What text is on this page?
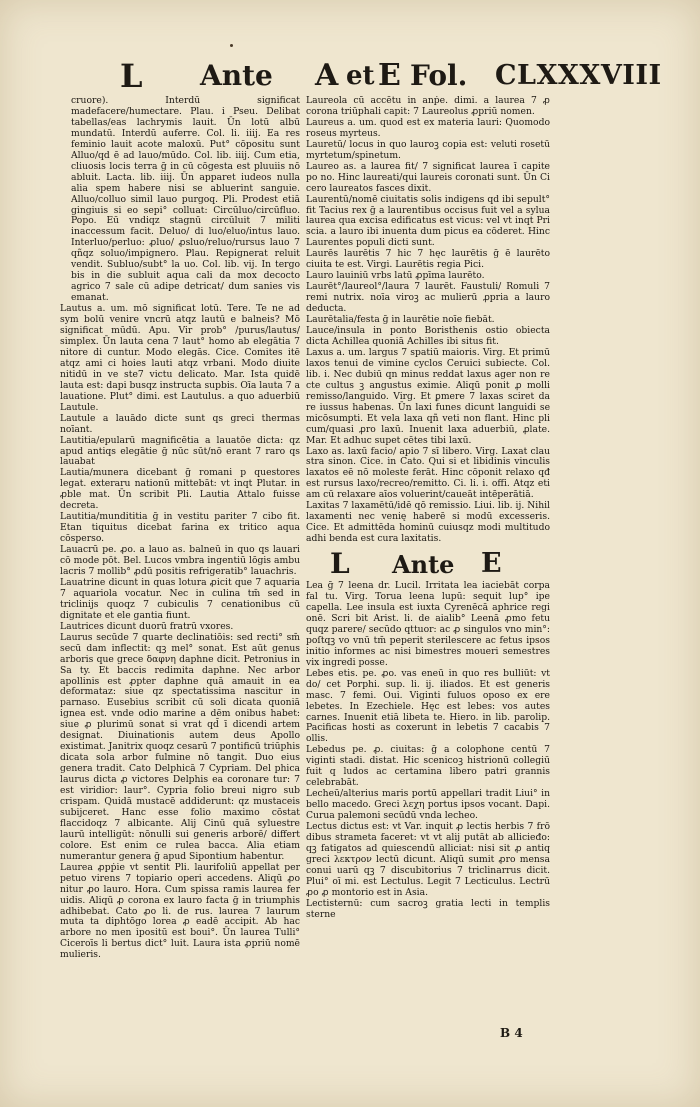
L Ante A et E Fol. CLXXXVIII

cruore). Interdū significat madefacere/humectare. Plau. i Pseu. Delibat tabellas/eas lachrymis lauit. Ūn lotū albū mundatū. Interdū auferre. Col. li. iiij. Ea res feminio lauit acote maloxū. Put° cōpositu sunt Alluo/qd ē ad lauo/mūdo. Col. lib. iiij. Cum etia, cliuosis locis terra ḡ in cū cōgesta est pluuiis nō abluit. Lacta. lib. iiij. Ūn apparet iudeos nulla alia spem habere nisi se abluerint sanguie. Alluo/colluo simil lauo purgoq. Pli. Prodest etiā gingiuis si eo sepi° colluat: Circūluo/circūfluo. Popo. Eū vndiqz stagnū circūluit 7 militi inaccessum facit. Deluo/ di luo/eluo/intus lauo. Interluo/perluo: ꝓluo/ ꝓsluo/reluo/rursus lauo 7 qñqz soluo/impignero. Plau. Repignerat reluit vendit. Subluo/subt° la uo. Col. lib. vij. In tergo bis in die subluit aqua cali da mox decocto agrico 7 sale cū adipe detricat/ dum sanies vis emanat.

Lautus a. um. mō significat lotū. Tere. Te ne ad sym bolū venire vncrū atqz lautū e balneis? Mō significat mūdū. Apu. Vir prob° /purus/lautus/ simplex. Ūn lauta cena 7 laut° homo ab elegātia 7 nitore di cuntur. Modo elegās. Cice. Comites itē atqz ami ci hoies lauti atqz vrbani. Modo diuite nitidū in ve ste7 victu delicato. Mar. Ista quidē lauta est: dapi busqz instructa supbis. Oīa lauta 7 a lauatione. Plut° dimi. est Lautulus. a quo aduerbiū Lautule.

Lautule a lauādo dicte sunt qs greci thermas noīant.

Lautitia/epularū magnificētia a lauatōe dicta: qz apud antiqs elegātie ḡ nūc sūt/nō erant 7 raro qs lauabat

Lautia/munera dicebant ḡ romani p questores legat. exteraru nationū mittebāt: vt inqt Plutar. in ꝓble mat. Ūn scribit Pli. Lautia Attalo fuisse decreta.

Lautitia/mundititia ḡ in vestitu pariter 7 cibo fit. Etan tiquitus dicebat farina ex tritico aqua cōsperso.

Lauacrū pe. ꝓo. a lauo as. balneū in quo qs lauari cō mode pōt. Bel. Lucos vmbra ingentiū lōgis ambu lacris 7 mollib° ꝓdū positis refrigeratib° lauachris.

Lauatrine dicunt in quas lotura ꝓicit que 7 aquaria 7 aquariola vocatur. Nec in culina tm̄ sed in triclinijs quoqz 7 cubiculis 7 cenationibus cū dignitate et ele gantia fiunt.

Lautrices dicunt duorū fratrū vxores.

Laurus secūde 7 quarte declinatiōis: sed recti° sm̄ secū dam inflectit: qꝫ mel° sonat. Est aūt genus arboris que grece δαφνη daphne dicit. Petronius in Sa ty. Et baccis redimita daphne. Nec arbor apollinis est ꝓpter daphne quā amauit in ea deformataz: siue qz spectatissima nascitur in parnaso. Eusebius scribit cū soli dicata quoniā ignea est. vnde odio marine a dēm onibus habet: siue ꝓ plurimū sonat si vrat qd̄ ī dicendi artem designat. Diuinationis autem deus Apollo existimat. Janitrix quoqz cesarū 7 pontificū triūphis dicata sola arbor fulmine nō tangit. Duo eius genera tradit. Cato Delphicā 7 Cypriam. Del phica laurus dicta ꝓ victores Delphis ea coronare tur: 7 est viridior: laur°. Cypria folio breui nigro sub crispam. Quidā mustacē addiderunt: qz mustaceis subijceret. Hanc esse folio maximo cōstat flaccidoqz 7 albicante. Alij Cinū quā syluestre laurū intelligūt: nōnulli sui generis arborē/ differt colore. Est enim ce rulea bacca. Alia etiam numerantur genera ḡ apud Sipontium habentur.

Laurea ꝓpṗie vt sentit Pli. laurifoliū appellat per petuo virens 7 topiario operi accedens. Aliqū ꝓo nitur ꝓo lauro. Hora. Cum spissa ramis laurea fer uidis. Aliqū ꝓ corona ex lauro facta ḡ in triumphis adhibebat. Cato ꝓo li. de rus. laurea 7 laurum muta ta diphtōgo lorea ꝓ eadē accipit. Ab hac arbore no men ipositū est boui°. Ūn laurea Tulli° Ciceroīs li bertus dict° luit. Laura ista ꝓpriū nomē mulieris.

Laureola cū accētu in anṗe. dimi. a laurea 7 ꝓ corona triūphali capit: 7 Laureolus ꝓpriū nomen.

Laureus a. um. quod est ex materia lauri: Quomodo roseus myrteus.

Lauretū/ locus in quo lauroꝫ copia est: veluti rosetū myrtetum/spinetum.

Laureo as. a laurea fit/ 7 significat laurea ī capite po no. Hinc laureati/qui laureis coronati sunt. Ūn Ci cero laureatos fasces dixit.

Laurentū/nomē ciuitatis solis indigens qd ibi sepult° fit Tacius rex ḡ a laurentibus occisus fuit vel a sylua laurea qua excisa edificatus est vicus: vel vt inqt Pri scia. a lauro ibi inuenta dum picus ea cōderet. Hinc Laurentes populi dicti sunt.

Laurēs laurētis 7 hic 7 hęc laurētis ḡ ē laurēto ciuita te est. Virgi. Laurētis regia Pici.

Lauro lauiniū vrbs latū ꝓpīma laurēto.

Laurēt°/laureol°/laura 7 laurēt. Faustuli/ Romuli 7 remi nutrix. noīa viroꝫ ac mulierū ꝓpria a lauro deducta.

Laurētalia/festa ḡ in laurētie noīe fiebāt.

Lauce/insula in ponto Boristhenis ostio obiecta dicta Achillea quoniā Achilles ibi situs fit.

Laxus a. um. largus 7 spatiū maioris. Virg. Et primū laxos tenui de vimine cyclos Ceruici subiecte. Col. lib. i. Nec dubiū qn minus reddat laxus ager non re cte cultus ꝫ angustus eximie. Aliqū ponit ꝓ molli remisso/languido. Virg. Et ꝑmere 7 laxas sciret da re iussus habenas. Ūn laxi funes dicunt languidi se micōsumpti. Et vela laxa qñ veti non flant. Hinc pli cum/quasi ꝓro laxū. Inuenit laxa aduerbiū, ꝓlate. Mar. Et adhuc supet cētes tibi laxū.

Laxo as. laxū facio/ apio 7 sī libero. Virg. Laxat clau stra sinon. Cice. in Cato. Qui si et libidinis vinculis laxatos eē nō moleste ferāt. Hinc cōponit relaxo qđ est rursus laxo/recreo/remitto. Ci. li. i. offi. Atqz eti am cū relaxare aīos voluerint/caueāt intēperātiā.

Laxitas 7 laxamētū/idē qō remissio. Liui. lib. ij. Nihil laxamenti nec venię haberē si modū excesseris. Cice. Et admittēda hominū cuiusqz modi multitudo adhi benda est cura laxitatis.

L Ante E

Lea ḡ 7 leena dr. Lucil. Irritata lea iaciebāt corpa fal tu. Virg. Torua leena lupū: sequit lup° ipe capella. Lee insula est iuxta Cyrenēcā aphrice regi onē. Scri bit Arist. li. de aialib° Leenā ꝓmo fetu quqz parere/ secūdo qttuor: ac ꝓ singulos vno min°: poſtqꝫ vo vnū tm̄ peperit sterilescere ac fetus ipsos initio informes ac nisi bimestres moueri semestres vix ingredi posse.

Lebes etis. pe. ꝓo. vas eneū in quo res bulliūt: vt do/ cet Porphi. sup. li. ij. iliados. Et est generis masc. 7 femi. Oui. Viginti fuluos oposo ex ere lebetes. In Ezechiele. Hęc est lebes: vos autes carnes. Inuenit etiā libeta te. Hiero. in lib. parolip. Pacificas hosti as coxerunt in lebetis 7 cacabis 7 ollis.

Lebedus pe. ꝓ. ciuitas: ḡ a colophone centū 7 viginti stadi. distat. Hic scenicoꝫ histrionū collegiū fuit q ludos ac certamina libero patri grannis celebrabāt.

Lecheū/alterius maris portū appellari tradit Liui° in bello macedo. Greci λεχη portus ipsos vocant. Dapi. Curua palemoni secūdū vnda lecheo.

Lectus dictus est: vt Var. inquit ꝓ lectis herbis 7 frō dibus strameta faceret: vt vt alij putāt ab allicieđo: qꝫ fatigatos ad quiescendū alliciat: nisi sit ꝓ antiq greci λεκτρον lectū dicunt. Aliqū sumit ꝓro mensa conui uarū qꝫ 7 discubitorius 7 triclinarrus dicit. Plui° oī mi. est Lectulus. Legit 7 Lecticulus. Lectrū ꝓo ꝓ montorio est in Asia.

Lectisternū: cum sacroꝫ gratia lecti in templis sterne

B 4
